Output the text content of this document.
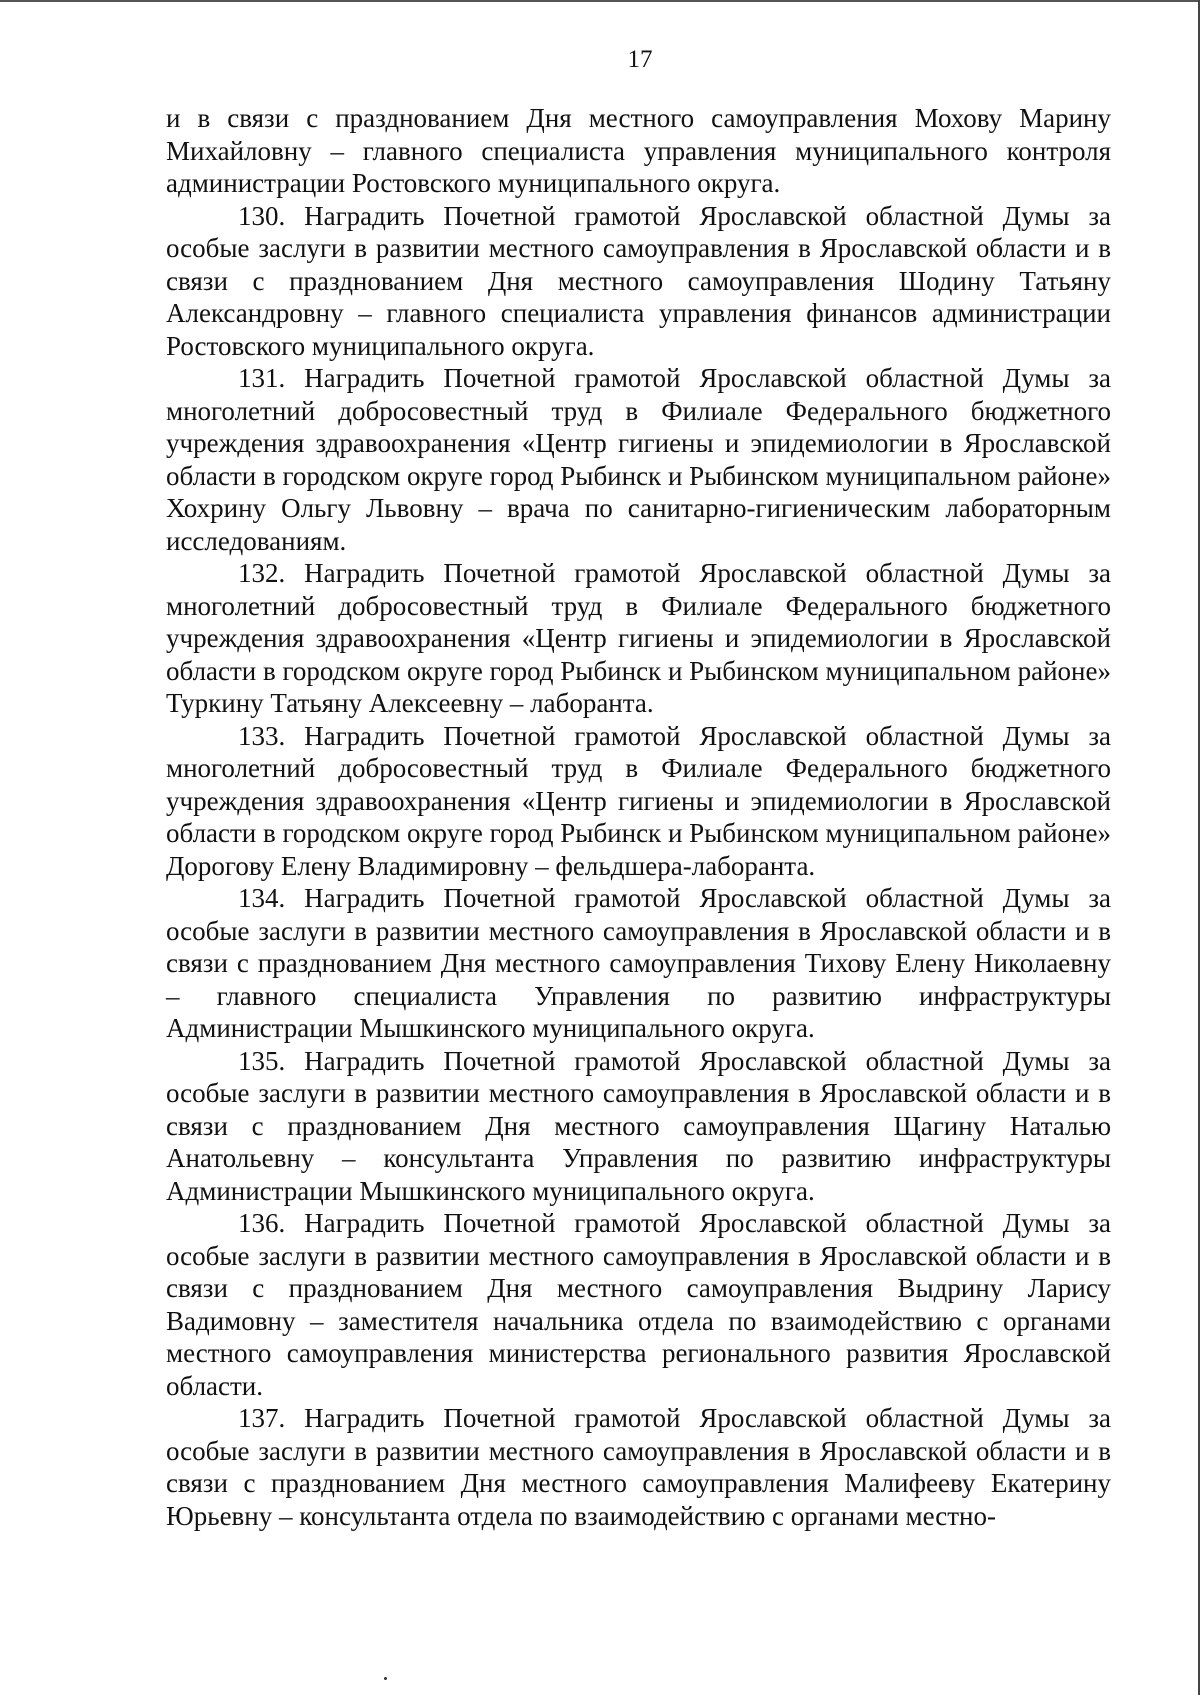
17

и в связи с празднованием Дня местного самоуправления Мохову Марину Михайловну – главного специалиста управления муниципального контроля администрации Ростовского муниципального округа.

130. Наградить Почетной грамотой Ярославской областной Думы за особые заслуги в развитии местного самоуправления в Ярославской области и в связи с празднованием Дня местного самоуправления Шодину Татьяну Александровну – главного специалиста управления финансов администрации Ростовского муниципального округа.

131. Наградить Почетной грамотой Ярославской областной Думы за многолетний добросовестный труд в Филиале Федерального бюджетного учреждения здравоохранения «Центр гигиены и эпидемиологии в Ярославской области в городском округе город Рыбинск и Рыбинском муниципальном районе» Хохрину Ольгу Львовну – врача по санитарно-гигиеническим лабораторным исследованиям.

132. Наградить Почетной грамотой Ярославской областной Думы за многолетний добросовестный труд в Филиале Федерального бюджетного учреждения здравоохранения «Центр гигиены и эпидемиологии в Ярославской области в городском округе город Рыбинск и Рыбинском муниципальном районе» Туркину Татьяну Алексеевну – лаборанта.

133. Наградить Почетной грамотой Ярославской областной Думы за многолетний добросовестный труд в Филиале Федерального бюджетного учреждения здравоохранения «Центр гигиены и эпидемиологии в Ярославской области в городском округе город Рыбинск и Рыбинском муниципальном районе» Дорогову Елену Владимировну – фельдшера-лаборанта.

134. Наградить Почетной грамотой Ярославской областной Думы за особые заслуги в развитии местного самоуправления в Ярославской области и в связи с празднованием Дня местного самоуправления Тихову Елену Николаевну – главного специалиста Управления по развитию инфраструктуры Администрации Мышкинского муниципального округа.

135. Наградить Почетной грамотой Ярославской областной Думы за особые заслуги в развитии местного самоуправления в Ярославской области и в связи с празднованием Дня местного самоуправления Щагину Наталью Анатольевну – консультанта Управления по развитию инфраструктуры Администрации Мышкинского муниципального округа.

136. Наградить Почетной грамотой Ярославской областной Думы за особые заслуги в развитии местного самоуправления в Ярославской области и в связи с празднованием Дня местного самоуправления Выдрину Ларису Вадимовну – заместителя начальника отдела по взаимодействию с органами местного самоуправления министерства регионального развития Ярославской области.

137. Наградить Почетной грамотой Ярославской областной Думы за особые заслуги в развитии местного самоуправления в Ярославской области и в связи с празднованием Дня местного самоуправления Малифееву Екатерину Юрьевну – консультанта отдела по взаимодействию с органами местно-
